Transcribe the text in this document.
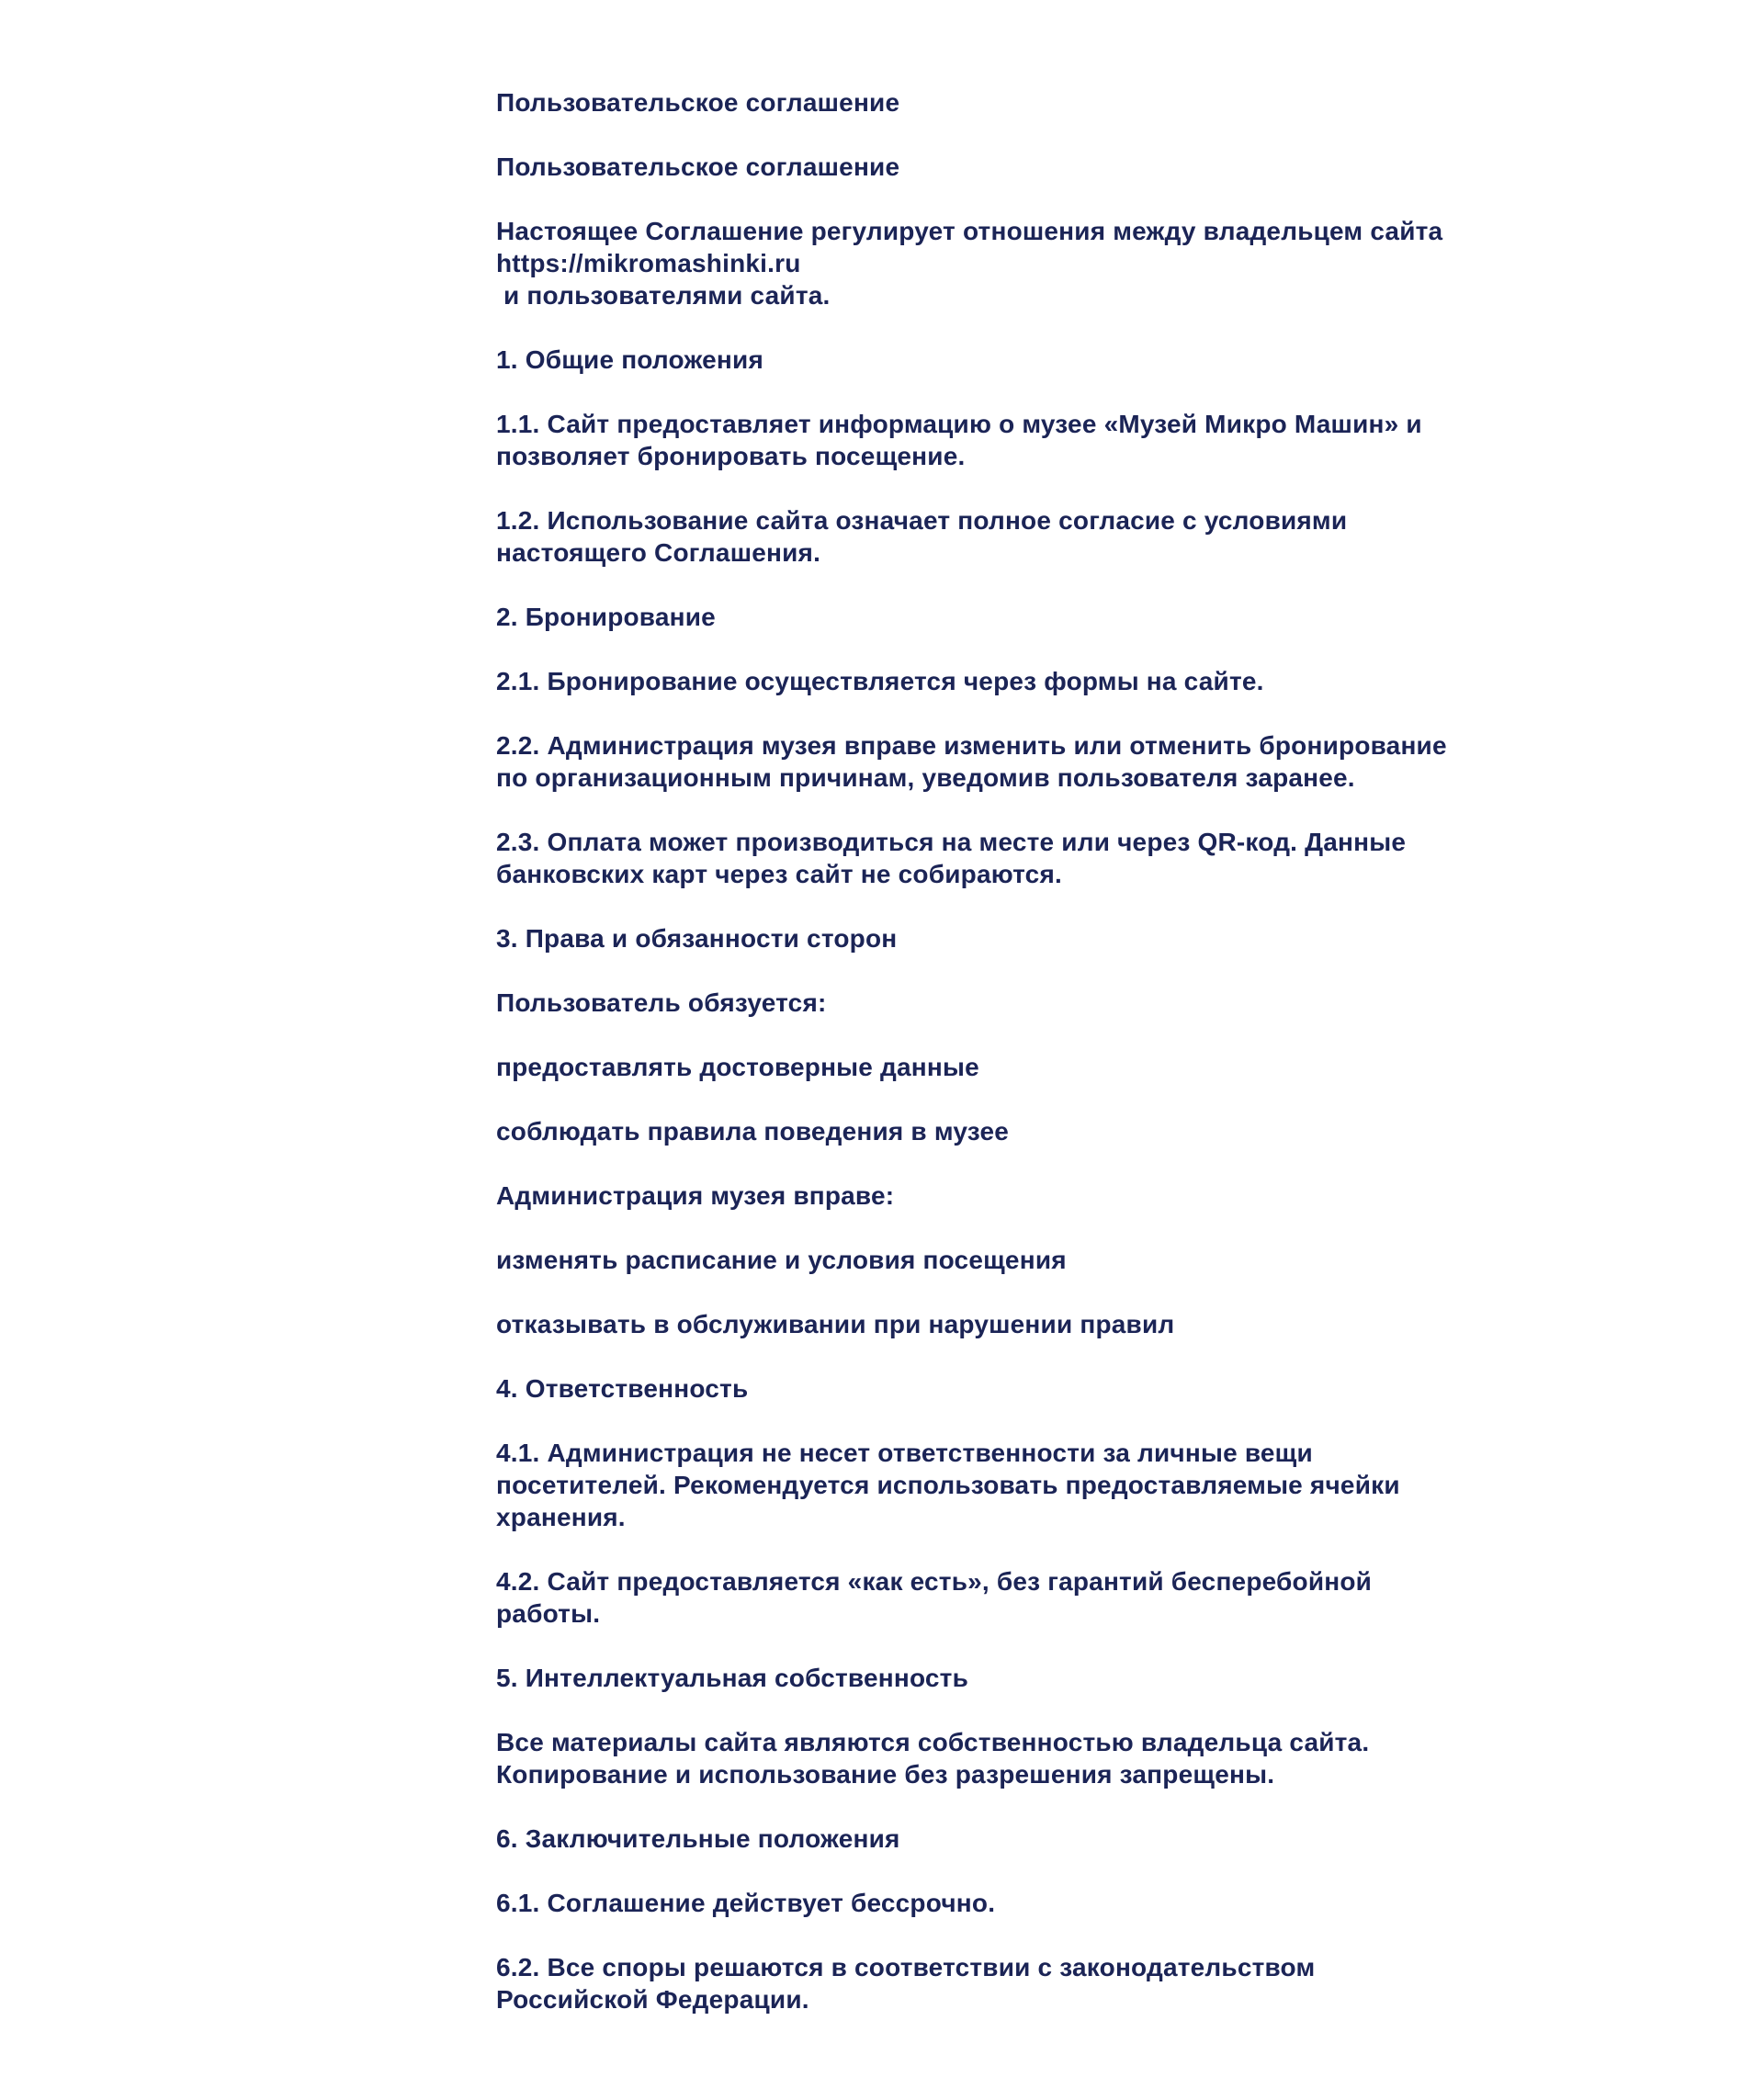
Пользовательское соглашение

Пользовательское соглашение

Настоящее Соглашение регулирует отношения между владельцем сайта
https://mikromashinki.ru
и пользователями сайта.

1. Общие положения

1.1. Сайт предоставляет информацию о музее «Музей Микро Машин» и
позволяет бронировать посещение.

1.2. Использование сайта означает полное согласие с условиями
настоящего Соглашения.

2. Бронирование

2.1. Бронирование осуществляется через формы на сайте.

2.2. Администрация музея вправе изменить или отменить бронирование
по организационным причинам, уведомив пользователя заранее.

2.3. Оплата может производиться на месте или через QR-код. Данные
банковских карт через сайт не собираются.

3. Права и обязанности сторон

Пользователь обязуется:

предоставлять достоверные данные

соблюдать правила поведения в музее

Администрация музея вправе:

изменять расписание и условия посещения

отказывать в обслуживании при нарушении правил

4. Ответственность

4.1. Администрация не несет ответственности за личные вещи
посетителей. Рекомендуется использовать предоставляемые ячейки
хранения.

4.2. Сайт предоставляется «как есть», без гарантий бесперебойной
работы.

5. Интеллектуальная собственность

Все материалы сайта являются собственностью владельца сайта.
Копирование и использование без разрешения запрещены.

6. Заключительные положения

6.1. Соглашение действует бессрочно.

6.2. Все споры решаются в соответствии с законодательством
Российской Федерации.
